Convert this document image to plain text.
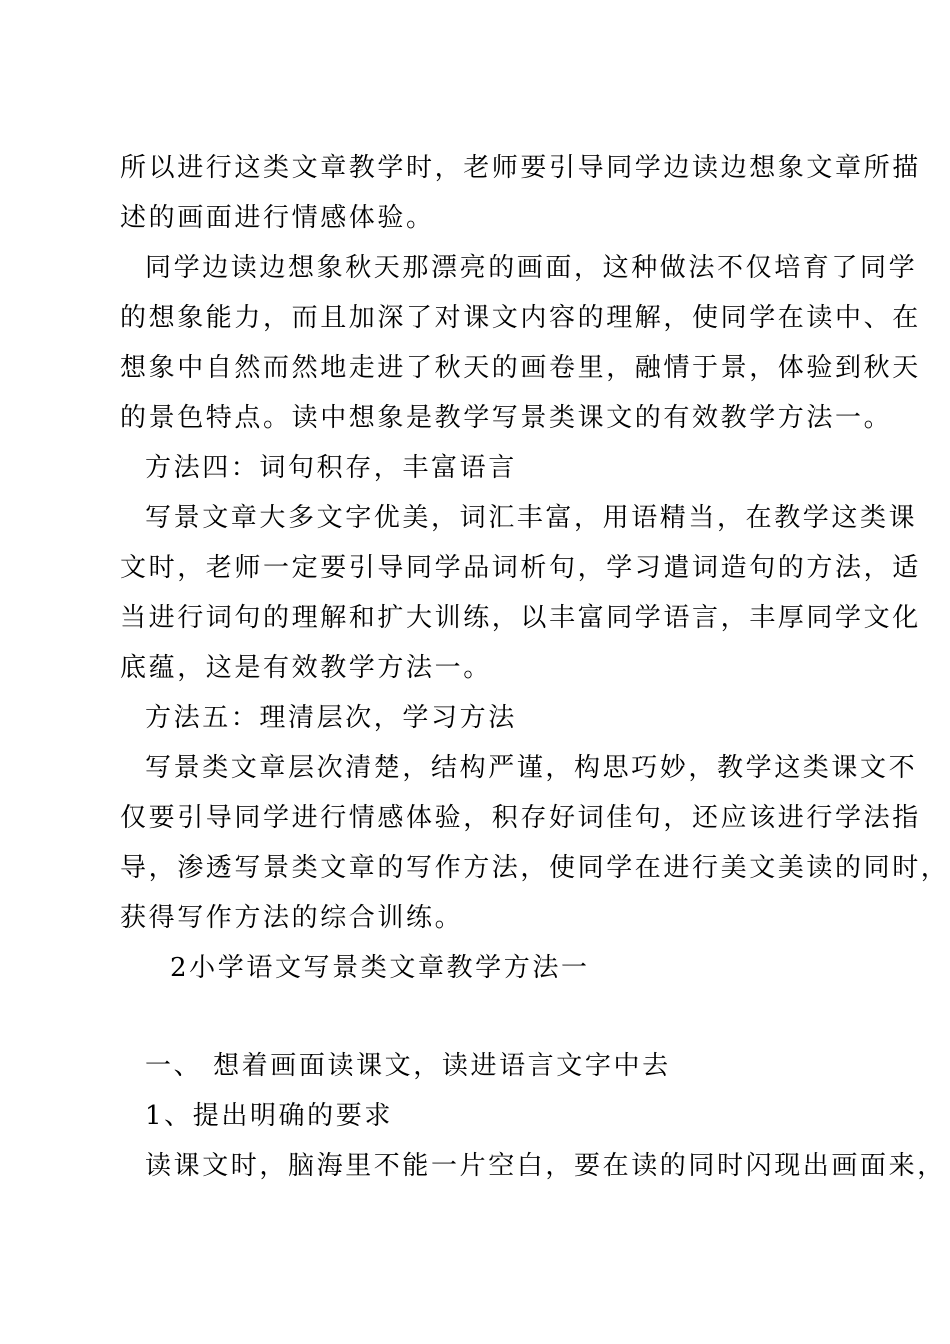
所以进行这类文章教学时，老师要引导同学边读边想象文章所描
述的画面进行情感体验。
同学边读边想象秋天那漂亮的画面，这种做法不仅培育了同学
的想象能力，而且加深了对课文内容的理解，使同学在读中、在
想象中自然而然地走进了秋天的画卷里，融情于景，体验到秋天
的景色特点。读中想象是教学写景类课文的有效教学方法一。
方法四：词句积存，丰富语言
写景文章大多文字优美，词汇丰富，用语精当，在教学这类课
文时，老师一定要引导同学品词析句，学习遣词造句的方法，适
当进行词句的理解和扩大训练，以丰富同学语言，丰厚同学文化
底蕴，这是有效教学方法一。
方法五：理清层次，学习方法
写景类文章层次清楚，结构严谨，构思巧妙，教学这类课文不
仅要引导同学进行情感体验，积存好词佳句，还应该进行学法指
导，渗透写景类文章的写作方法，使同学在进行美文美读的同时，
获得写作方法的综合训练。
2小学语文写景类文章教学方法一
一、 想着画面读课文，读进语言文字中去
1、提出明确的要求
读课文时，脑海里不能一片空白，要在读的同时闪现出画面来，
